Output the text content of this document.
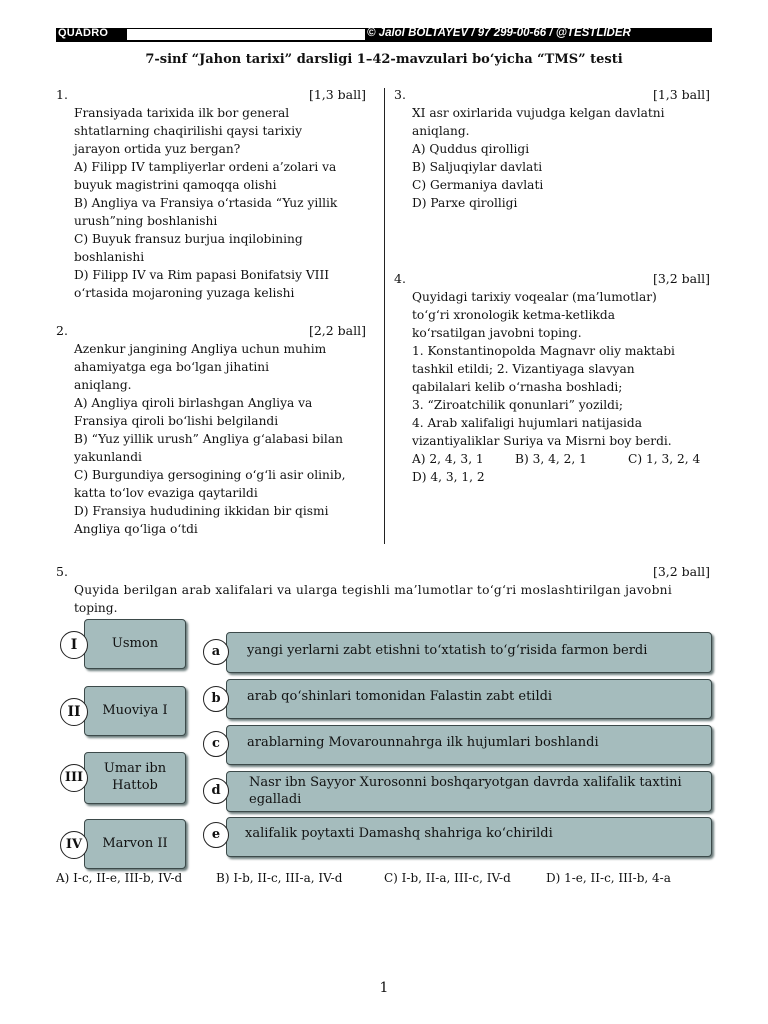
QUADRO	© Jalol BOLTAYEV / 97 299-00-66 / @TESTLIDER
7-sinf “Jahon tarixi” darsligi 1–42-mavzulari bo‘yicha “TMS” testi
1.	[1,3 ball]
Fransiyada tarixida ilk bor general
shtatlarning chaqirilishi qaysi tarixiy
jarayon ortida yuz bergan?
A) Filipp IV tampliyerlar ordeni a’zolari va
buyuk magistrini qamoqqa olishi
B) Angliya va Fransiya o‘rtasida “Yuz yillik
urush”ning boshlanishi
C) Buyuk fransuz burjua inqilobining
boshlanishi
D) Filipp IV va Rim papasi Bonifatsiy VIII
o‘rtasida mojaroning yuzaga kelishi
2.	[2,2 ball]
Azenkur jangining Angliya uchun muhim
ahamiyatga ega bo‘lgan jihatini
aniqlang.
A) Angliya qiroli birlashgan Angliya va
Fransiya qiroli bo‘lishi belgilandi
B) “Yuz yillik urush” Angliya g‘alabasi bilan
yakunlandi
C) Burgundiya gersogining o‘g‘li asir olinib,
katta to‘lov evaziga qaytarildi
D) Fransiya hududining ikkidan bir qismi
Angliya qo‘liga o‘tdi
3.	[1,3 ball]
XI asr oxirlarida vujudga kelgan davlatni
aniqlang.
A) Quddus qirolligi
B) Saljuqiylar davlati
C) Germaniya davlati
D) Parxe qirolligi
4.	[3,2 ball]
Quyidagi tarixiy voqealar (ma’lumotlar)
to‘g‘ri xronologik ketma-ketlikda
ko‘rsatilgan javobni toping.
1. Konstantinopolda Magnavr oliy maktabi
tashkil etildi; 2. Vizantiyaga slavyan
qabilalari kelib o‘rnasha boshladi;
3. “Ziroatchilik qonunlari” yozildi;
4. Arab xalifaligi hujumlari natijasida
vizantiyaliklar Suriya va Misrni boy berdi.
A) 2, 4, 3, 1	B) 3, 4, 2, 1	C) 1, 3, 2, 4
D) 4, 3, 1, 2
5.	[3,2 ball]
Quyida berilgan arab xalifalari va ularga tegishli ma’lumotlar to‘g‘ri moslashtirilgan javobni
toping.
Usmon
I
Muoviya I
II
Umar ibn Hattob
III
Marvon II
IV
yangi yerlarni zabt etishni to‘xtatish to‘g‘risida farmon berdi
a
arab qo‘shinlari tomonidan Falastin zabt etildi
b
arablarning Movarounnahrga ilk hujumlari boshlandi
c
Nasr ibn Sayyor Xurosonni boshqaryotgan davrda xalifalik taxtini egalladi
d
xalifalik poytaxti Damashq shahriga ko‘chirildi
e
A) I-c, II-e, III-b, IV-d	B) I-b, II-c, III-a, IV-d	C) I-b, II-a, III-c, IV-d	D) 1-e, II-c, III-b, 4-a
1
